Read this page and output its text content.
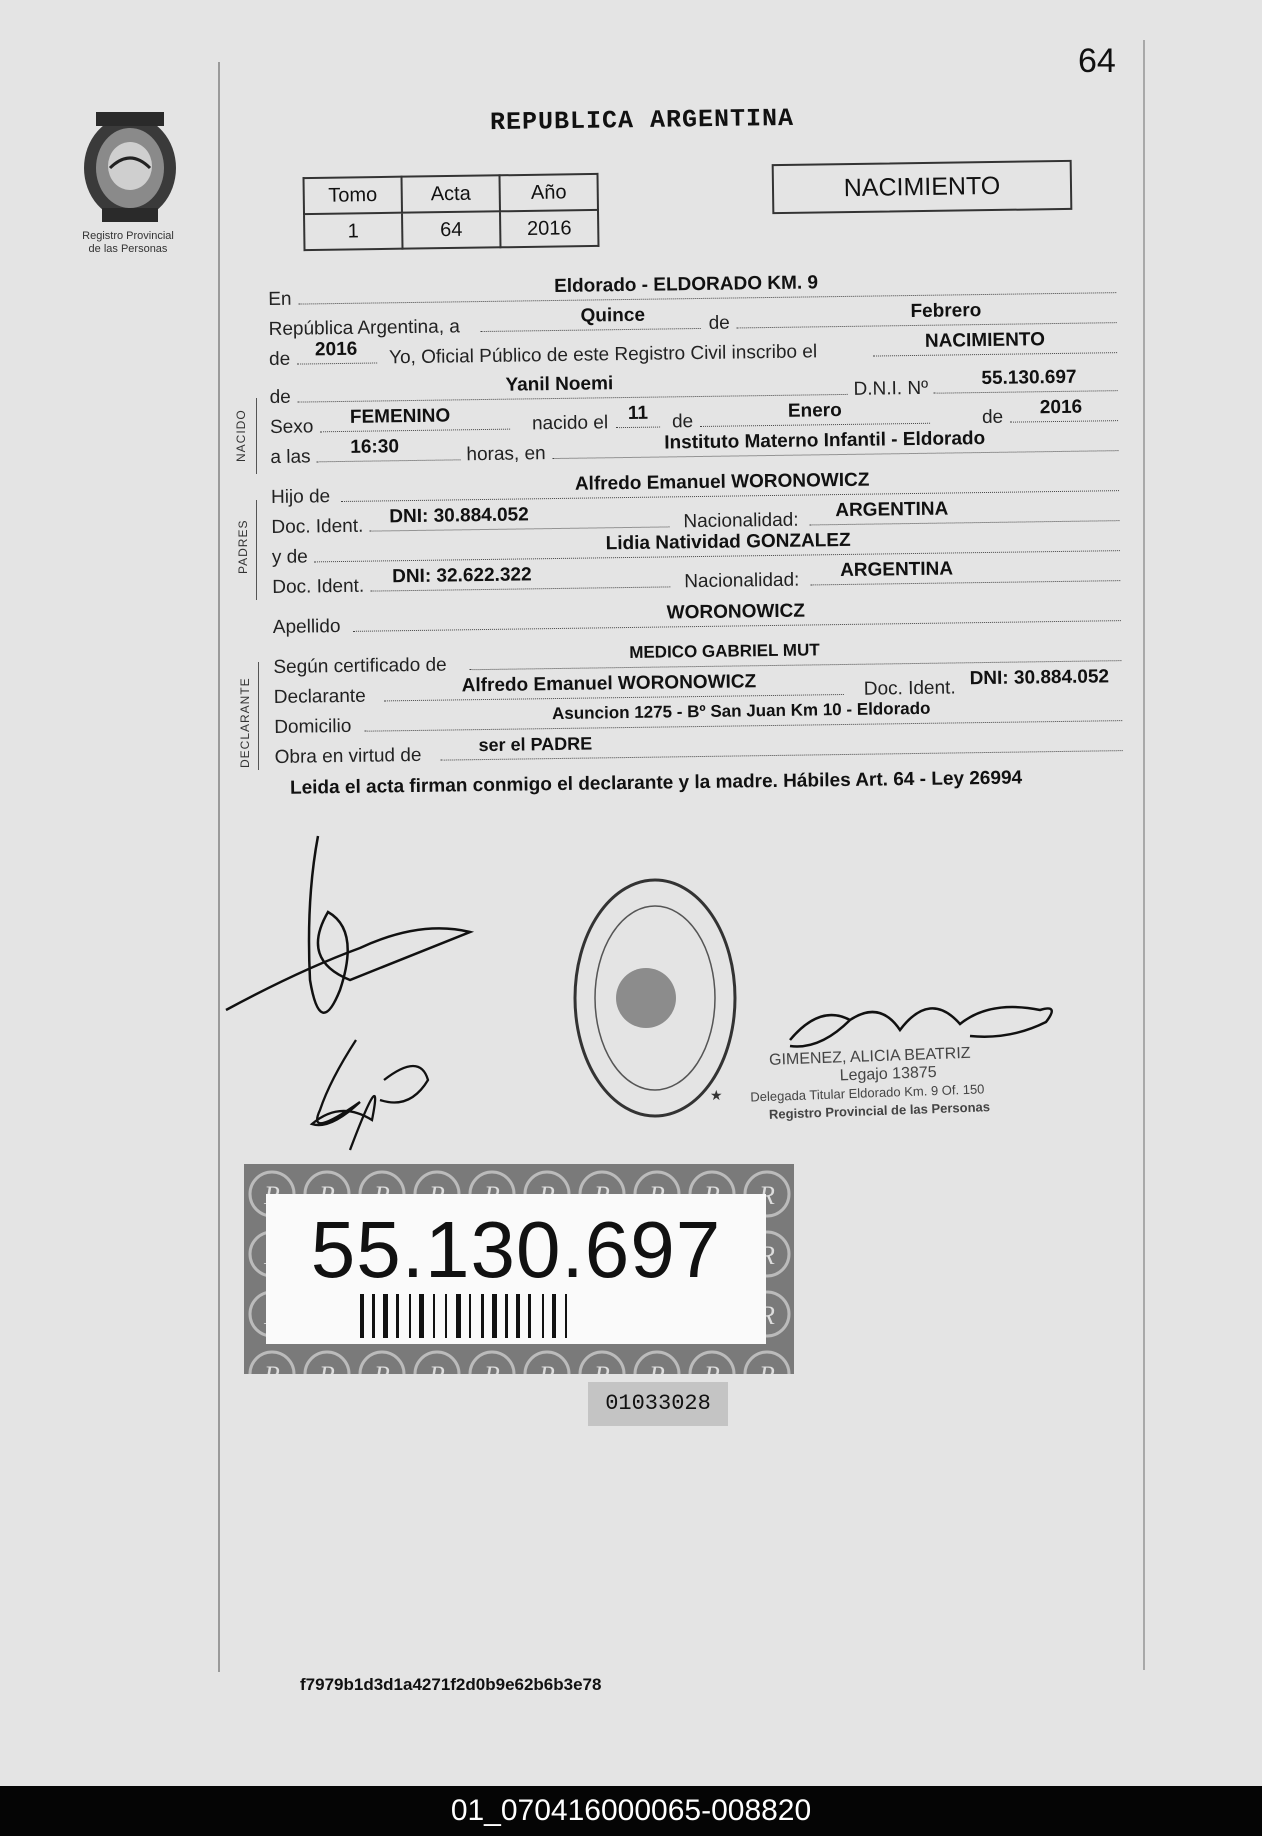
64
Registro Provincial
de las Personas
REPUBLICA ARGENTINA
Tomo	Acta	Año
1	64	2016
NACIMIENTO
En
Eldorado - ELDORADO KM. 9
República Argentina, a
Quince	de
Febrero
de 2016 Yo, Oficial Público de este Registro Civil inscribo el
NACIMIENTO
de
Yanil Noemi	D.N.I. Nº	55.130.697
Sexo FEMENINO	nacido el 11 de	Enero	de 2016
a las 16:30	horas, en
Instituto Materno Infantil - Eldorado
Hijo de
Alfredo Emanuel WORONOWICZ
Doc. Ident. DNI: 30.884.052	Nacionalidad: ARGENTINA
y de
Lidia Natividad GONZALEZ
Doc. Ident. DNI: 32.622.322	Nacionalidad: ARGENTINA
Apellido
WORONOWICZ
Según certificado de
MEDICO GABRIEL MUT
Declarante
Alfredo Emanuel WORONOWICZ	Doc. Ident. DNI: 30.884.052
Domicilio
Asuncion 1275 - Bº San Juan Km 10 - Eldorado
Obra en virtud de
ser el PADRE
NACIDO
PADRES
DECLARANTE
Leida el acta firman conmigo el declarante y la madre. Hábiles Art. 64 - Ley 26994
★
GIMENEZ, ALICIA BEATRIZ
Legajo 13875
Delegada Titular Eldorado Km. 9 Of. 150
Registro Provincial de las Personas
55.130.697
01033028
f7979b1d3d1a4271f2d0b9e62b6b3e78
01_070416000065-008820
